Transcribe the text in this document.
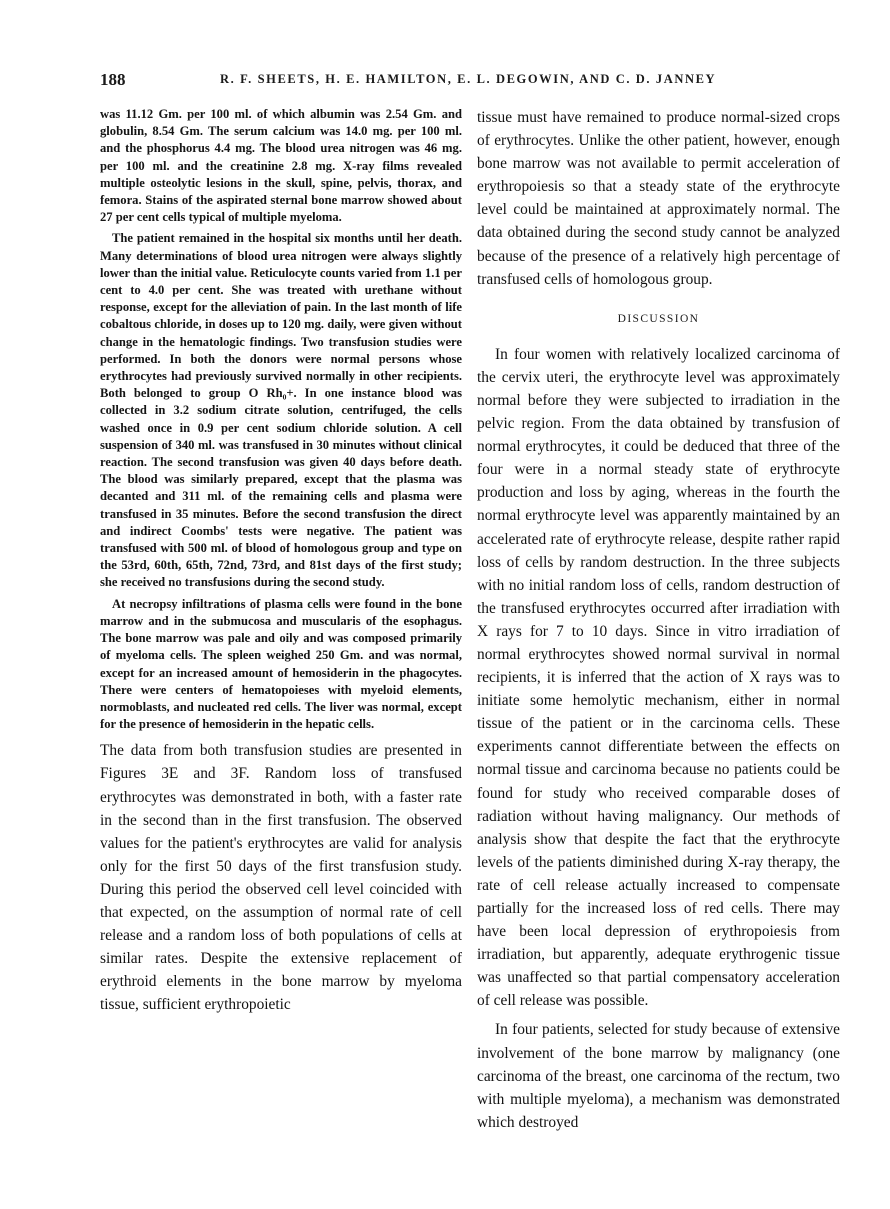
188	R. F. SHEETS, H. E. HAMILTON, E. L. DEGOWIN, AND C. D. JANNEY

was 11.12 Gm. per 100 ml. of which albumin was 2.54 Gm. and globulin, 8.54 Gm. The serum calcium was 14.0 mg. per 100 ml. and the phosphorus 4.4 mg. The blood urea nitrogen was 46 mg. per 100 ml. and the creatinine 2.8 mg. X-ray films revealed multiple osteolytic lesions in the skull, spine, pelvis, thorax, and femora. Stains of the aspirated sternal bone marrow showed about 27 per cent cells typical of multiple myeloma.

The patient remained in the hospital six months until her death. Many determinations of blood urea nitrogen were always slightly lower than the initial value. Reticulocyte counts varied from 1.1 per cent to 4.0 per cent. She was treated with urethane without response, except for the alleviation of pain. In the last month of life cobaltous chloride, in doses up to 120 mg. daily, were given without change in the hematologic findings. Two transfusion studies were performed. In both the donors were normal persons whose erythrocytes had previously survived normally in other recipients. Both belonged to group O Rh₀+. In one instance blood was collected in 3.2 sodium citrate solution, centrifuged, the cells washed once in 0.9 per cent sodium chloride solution. A cell suspension of 340 ml. was transfused in 30 minutes without clinical reaction. The second transfusion was given 40 days before death. The blood was similarly prepared, except that the plasma was decanted and 311 ml. of the remaining cells and plasma were transfused in 35 minutes. Before the second transfusion the direct and indirect Coombs' tests were negative. The patient was transfused with 500 ml. of blood of homologous group and type on the 53rd, 60th, 65th, 72nd, 73rd, and 81st days of the first study; she received no transfusions during the second study.

At necropsy infiltrations of plasma cells were found in the bone marrow and in the submucosa and muscularis of the esophagus. The bone marrow was pale and oily and was composed primarily of myeloma cells. The spleen weighed 250 Gm. and was normal, except for an increased amount of hemosiderin in the phagocytes. There were centers of hematopoieses with myeloid elements, normoblasts, and nucleated red cells. The liver was normal, except for the presence of hemosiderin in the hepatic cells.

The data from both transfusion studies are presented in Figures 3E and 3F. Random loss of transfused erythrocytes was demonstrated in both, with a faster rate in the second than in the first transfusion. The observed values for the patient's erythrocytes are valid for analysis only for the first 50 days of the first transfusion study. During this period the observed cell level coincided with that expected, on the assumption of normal rate of cell release and a random loss of both populations of cells at similar rates. Despite the extensive replacement of erythroid elements in the bone marrow by myeloma tissue, sufficient erythropoietic

tissue must have remained to produce normal-sized crops of erythrocytes. Unlike the other patient, however, enough bone marrow was not available to permit acceleration of erythropoiesis so that a steady state of the erythrocyte level could be maintained at approximately normal. The data obtained during the second study cannot be analyzed because of the presence of a relatively high percentage of transfused cells of homologous group.

DISCUSSION

In four women with relatively localized carcinoma of the cervix uteri, the erythrocyte level was approximately normal before they were subjected to irradiation in the pelvic region. From the data obtained by transfusion of normal erythrocytes, it could be deduced that three of the four were in a normal steady state of erythrocyte production and loss by aging, whereas in the fourth the normal erythrocyte level was apparently maintained by an accelerated rate of erythrocyte release, despite rather rapid loss of cells by random destruction. In the three subjects with no initial random loss of cells, random destruction of the transfused erythrocytes occurred after irradiation with X rays for 7 to 10 days. Since in vitro irradiation of normal erythrocytes showed normal survival in normal recipients, it is inferred that the action of X rays was to initiate some hemolytic mechanism, either in normal tissue of the patient or in the carcinoma cells. These experiments cannot differentiate between the effects on normal tissue and carcinoma because no patients could be found for study who received comparable doses of radiation without having malignancy. Our methods of analysis show that despite the fact that the erythrocyte levels of the patients diminished during X-ray therapy, the rate of cell release actually increased to compensate partially for the increased loss of red cells. There may have been local depression of erythropoiesis from irradiation, but apparently, adequate erythrogenic tissue was unaffected so that partial compensatory acceleration of cell release was possible.

In four patients, selected for study because of extensive involvement of the bone marrow by malignancy (one carcinoma of the breast, one carcinoma of the rectum, two with multiple myeloma), a mechanism was demonstrated which destroyed
